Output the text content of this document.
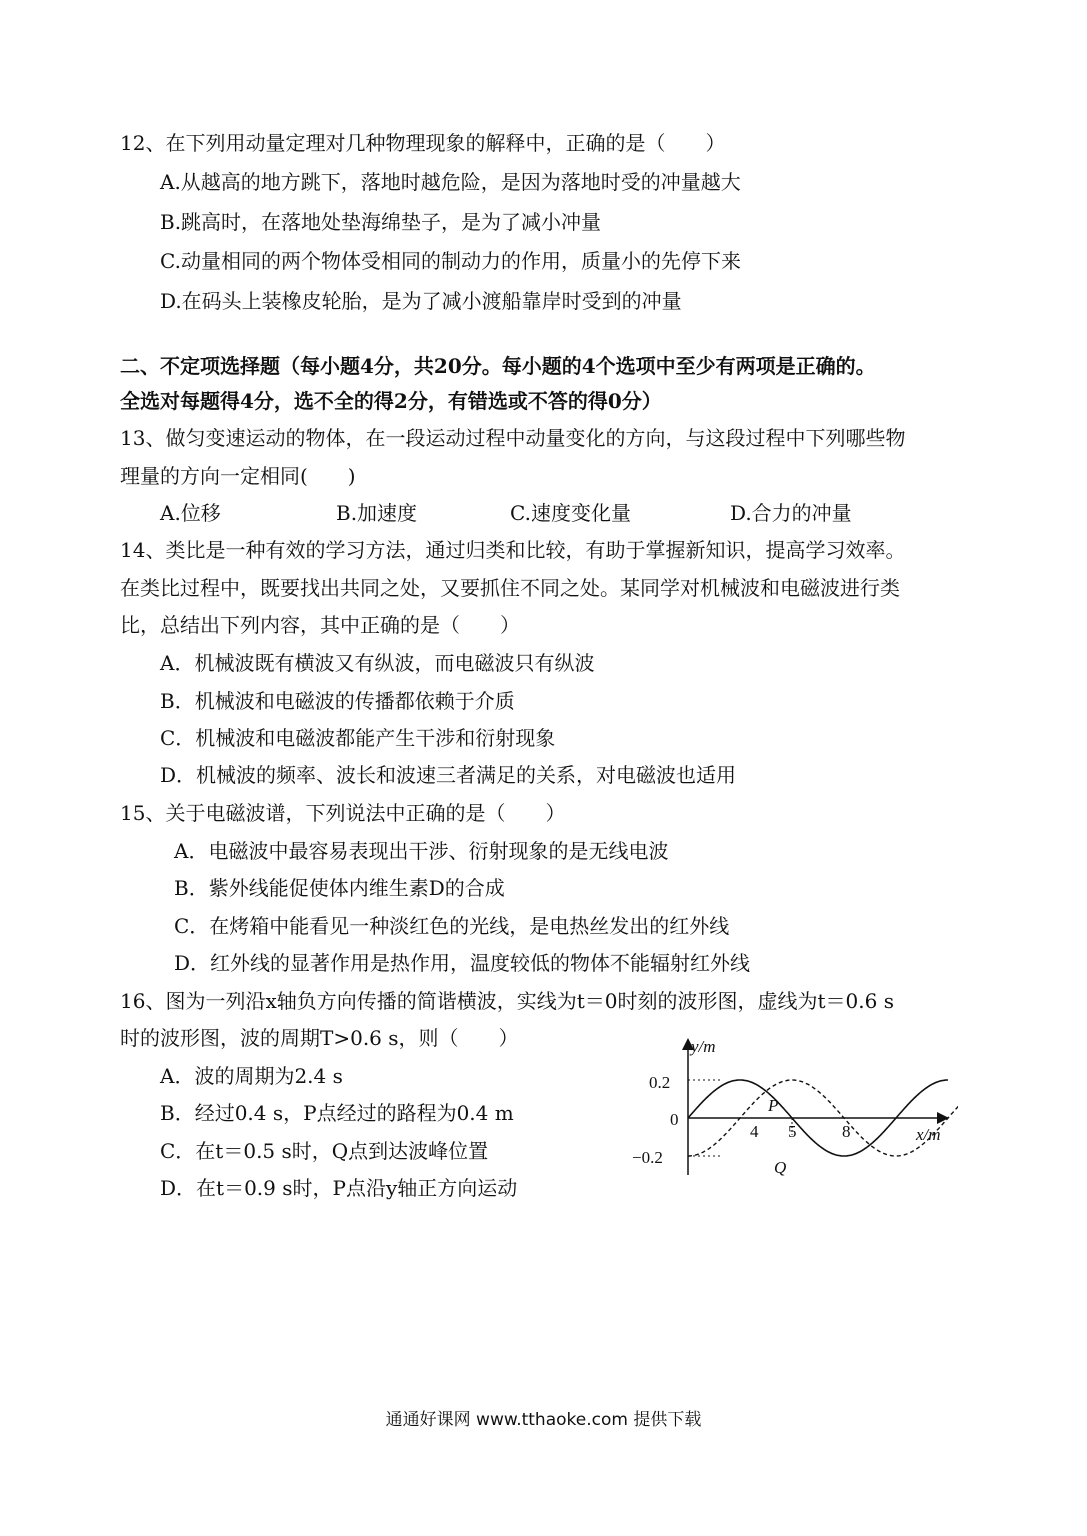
12、在下列用动量定理对几种物理现象的解释中，正确的是（　　）
A.从越高的地方跳下，落地时越危险，是因为落地时受的冲量越大
B.跳高时，在落地处垫海绵垫子，是为了减小冲量
C.动量相同的两个物体受相同的制动力的作用，质量小的先停下来
D.在码头上装橡皮轮胎，是为了减小渡船靠岸时受到的冲量
二、不定项选择题（每小题4分，共20分。每小题的4个选项中至少有两项是正确的。
全选对每题得4分，选不全的得2分，有错选或不答的得0分）
13、做匀变速运动的物体，在一段运动过程中动量变化的方向，与这段过程中下列哪些物
理量的方向一定相同(　　)
A.位移	B.加速度	C.速度变化量	D.合力的冲量
14、类比是一种有效的学习方法，通过归类和比较，有助于掌握新知识，提高学习效率。
在类比过程中，既要找出共同之处，又要抓住不同之处。某同学对机械波和电磁波进行类
比，总结出下列内容，其中正确的是（　　）
A．机械波既有横波又有纵波，而电磁波只有纵波
B．机械波和电磁波的传播都依赖于介质
C．机械波和电磁波都能产生干涉和衍射现象
D．机械波的频率、波长和波速三者满足的关系，对电磁波也适用
15、关于电磁波谱，下列说法中正确的是（　　）
A．电磁波中最容易表现出干涉、衍射现象的是无线电波
B．紫外线能促使体内维生素D的合成
C．在烤箱中能看见一种淡红色的光线，是电热丝发出的红外线
D．红外线的显著作用是热作用，温度较低的物体不能辐射红外线
16、图为一列沿x轴负方向传播的简谐横波，实线为t＝0时刻的波形图，虚线为t＝0.6 s
时的波形图，波的周期T>0.6 s，则（　　）
A．波的周期为2.4 s
B．经过0.4 s，P点经过的路程为0.4 m
C．在t＝0.5 s时，Q点到达波峰位置
D．在t＝0.9 s时，P点沿y轴正方向运动
y/m
x/m
0
0.2
−0.2
4 5	8
P
Q
通通好课网 www.tthaoke.com 提供下载
